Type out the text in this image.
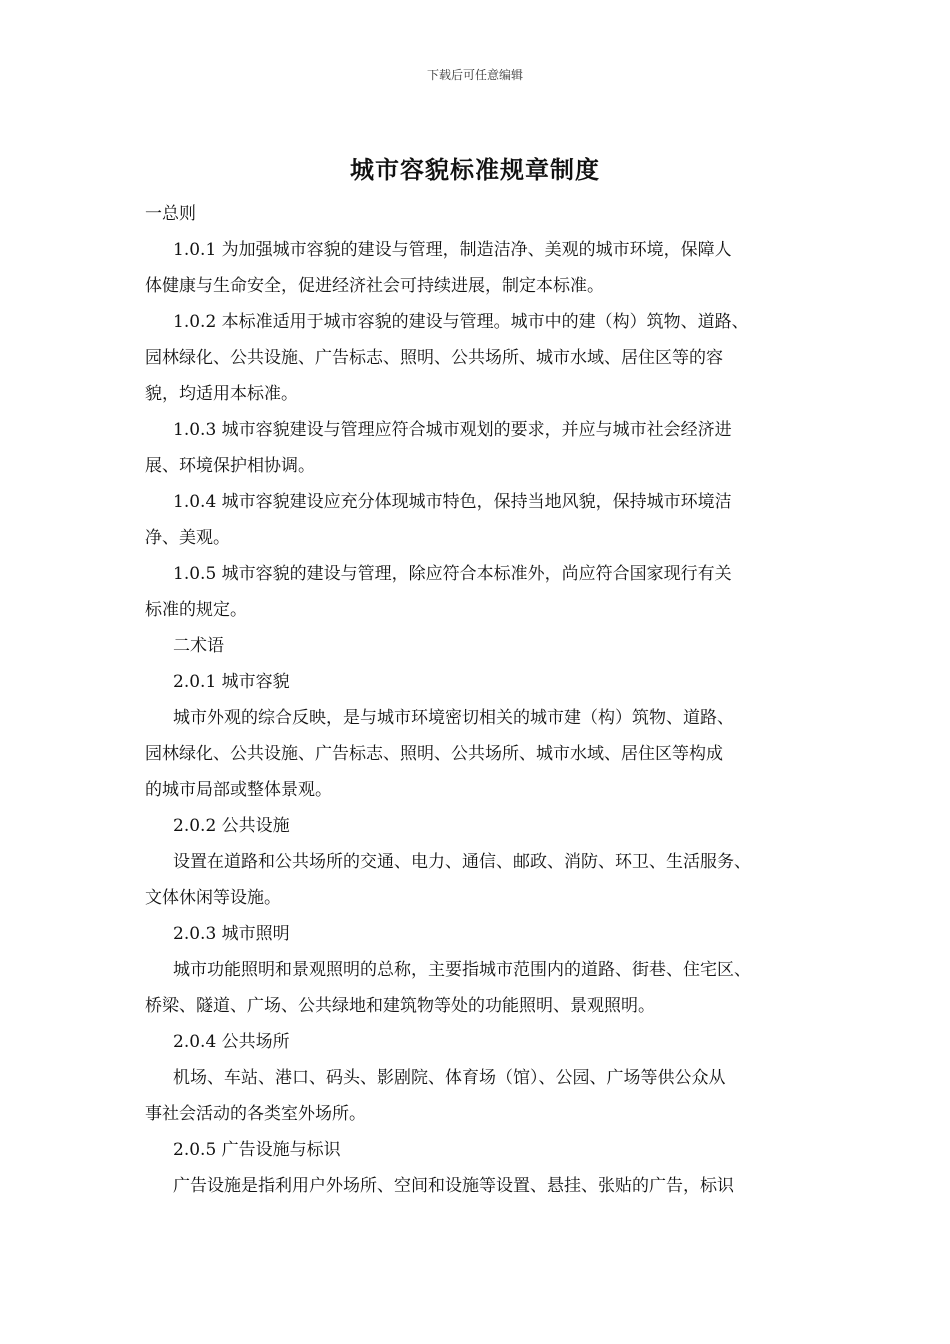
下载后可任意编辑
城市容貌标准规章制度
一总则
1.0.1 为加强城市容貌的建设与管理，制造洁净、美观的城市环境，保障人
体健康与生命安全，促进经济社会可持续进展，制定本标准。
1.0.2 本标准适用于城市容貌的建设与管理。城市中的建（构）筑物、道路、
园林绿化、公共设施、广告标志、照明、公共场所、城市水域、居住区等的容
貌，均适用本标准。
1.0.3 城市容貌建设与管理应符合城市观划的要求，并应与城市社会经济进
展、环境保护相协调。
1.0.4 城市容貌建设应充分体现城市特色，保持当地风貌，保持城市环境洁
净、美观。
1.0.5 城市容貌的建设与管理，除应符合本标准外，尚应符合国家现行有关
标准的规定。
二术语
2.0.1 城市容貌
城市外观的综合反映，是与城市环境密切相关的城市建（构）筑物、道路、
园林绿化、公共设施、广告标志、照明、公共场所、城市水域、居住区等构成
的城市局部或整体景观。
2.0.2 公共设施
设置在道路和公共场所的交通、电力、通信、邮政、消防、环卫、生活服务、
文体休闲等设施。
2.0.3 城市照明
城市功能照明和景观照明的总称，主要指城市范围内的道路、街巷、住宅区、
桥梁、隧道、广场、公共绿地和建筑物等处的功能照明、景观照明。
2.0.4 公共场所
机场、车站、港口、码头、影剧院、体育场（馆）、公园、广场等供公众从
事社会活动的各类室外场所。
2.0.5 广告设施与标识
广告设施是指利用户外场所、空间和设施等设置、悬挂、张贴的广告，标识
